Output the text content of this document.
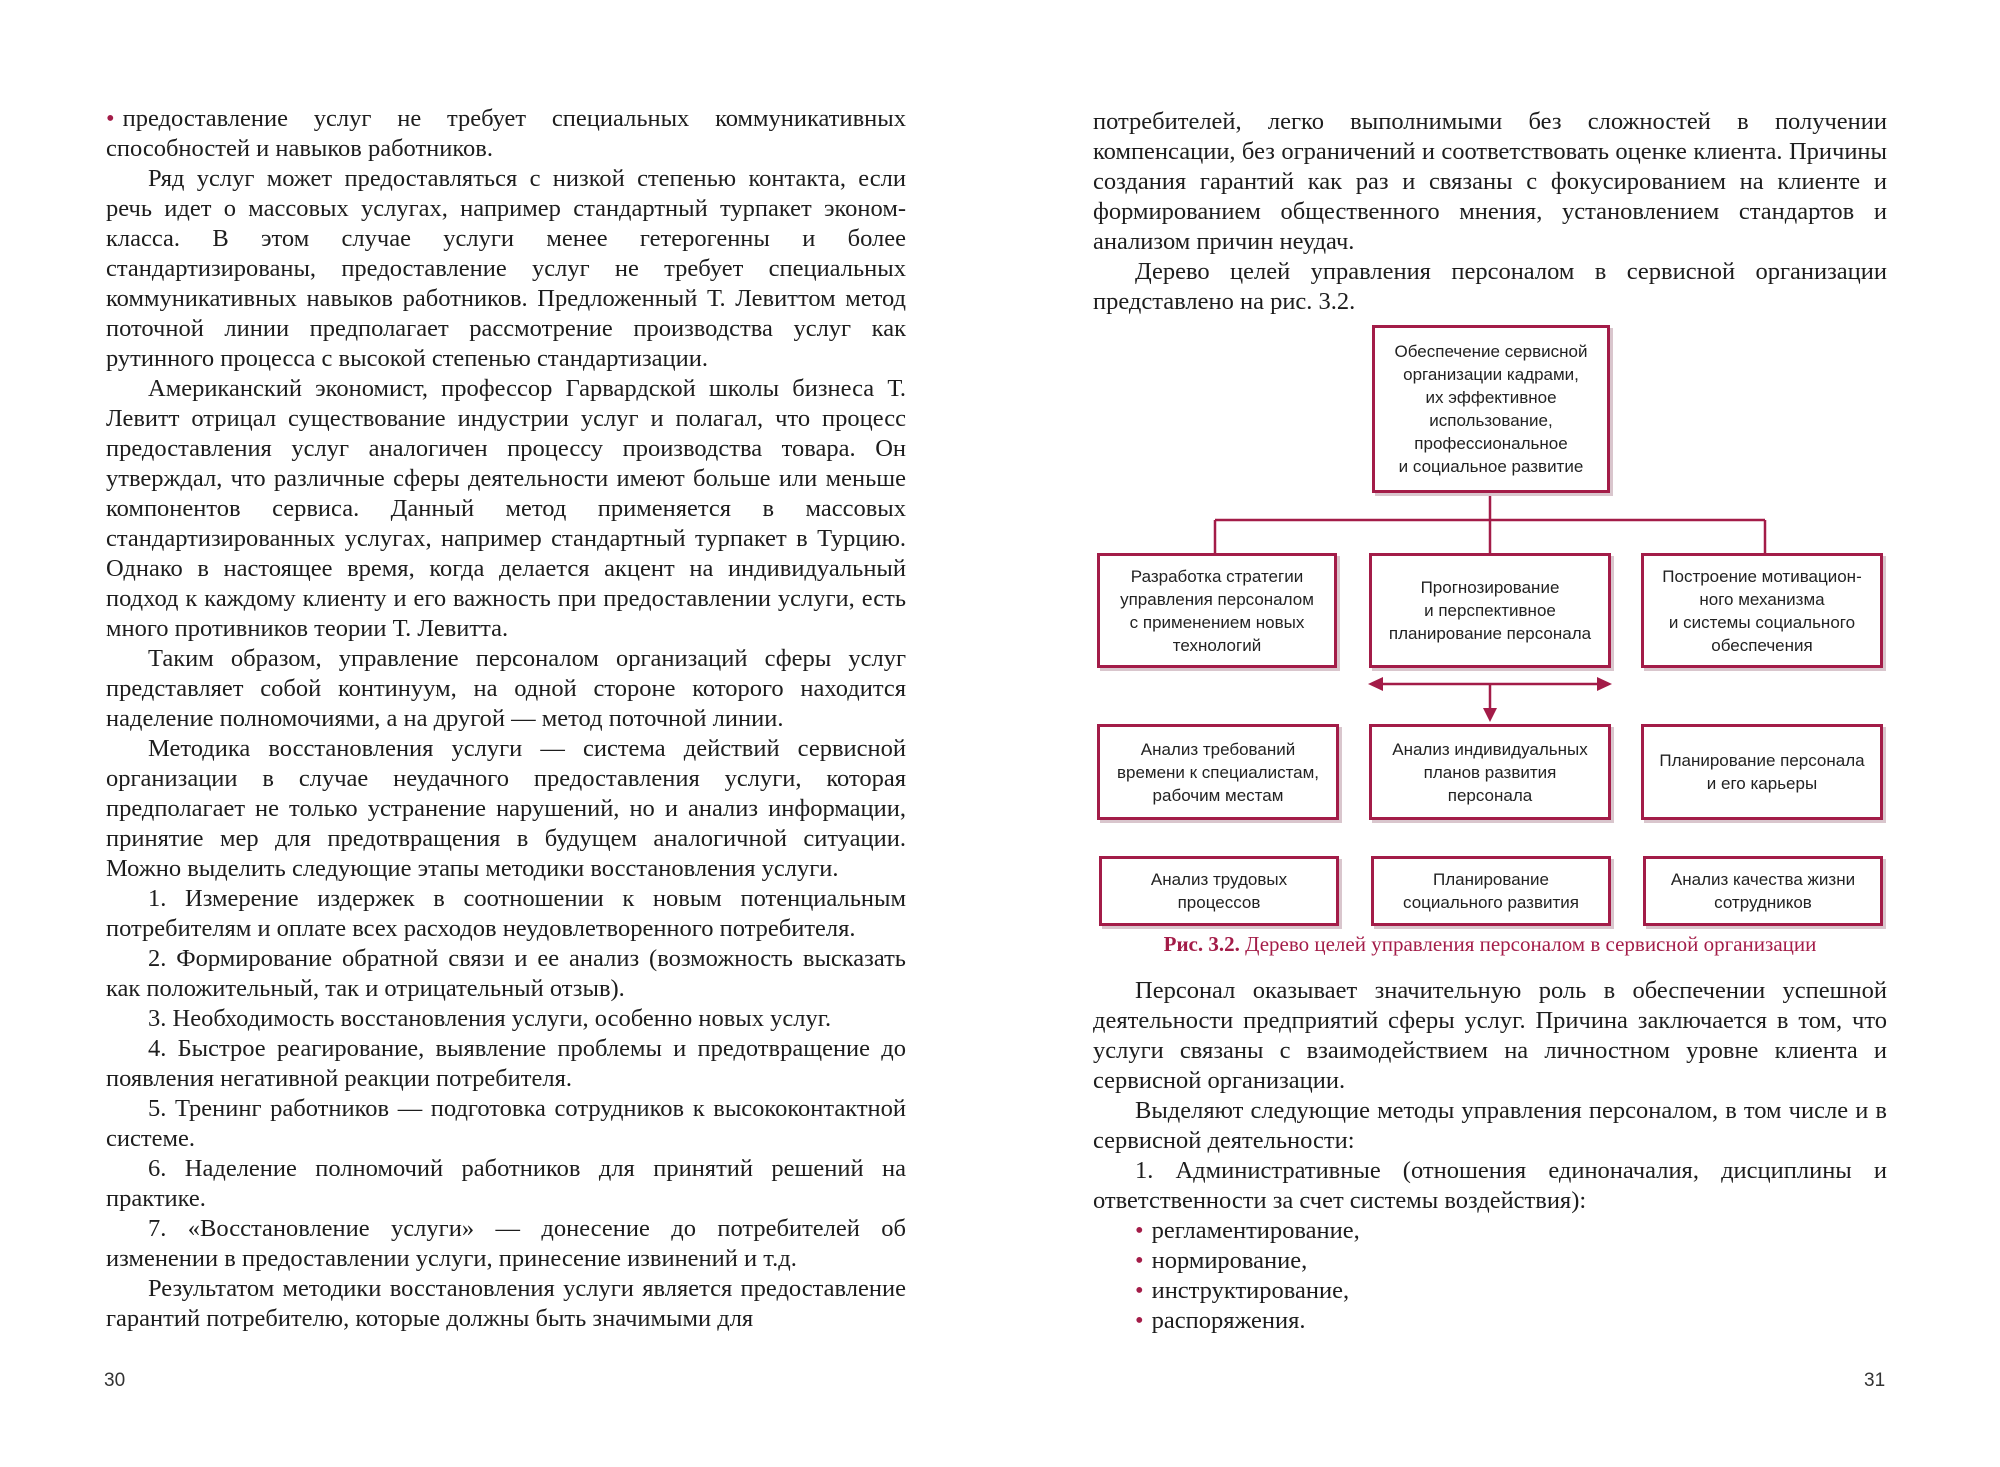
• предоставление услуг не требует специальных коммуникативных способностей и навыков работников.

Ряд услуг может предоставляться с низкой степенью контакта, если речь идет о массовых услугах, например стандартный турпакет эконом-класса. В этом случае услуги менее гетерогенны и более стандартизированы, предоставление услуг не требует специальных коммуникативных навыков работников. Предложенный Т. Левиттом метод поточной линии предполагает рассмотрение производства услуг как рутинного процесса с высокой степенью стандартизации.

Американский экономист, профессор Гарвардской школы бизнеса Т. Левитт отрицал существование индустрии услуг и полагал, что процесс предоставления услуг аналогичен процессу производства товара. Он утверждал, что различные сферы деятельности имеют больше или меньше компонентов сервиса. Данный метод применяется в массовых стандартизированных услугах, например стандартный турпакет в Турцию. Однако в настоящее время, когда делается акцент на индивидуальный подход к каждому клиенту и его важность при предоставлении услуги, есть много противников теории Т. Левитта.

Таким образом, управление персоналом организаций сферы услуг представляет собой континуум, на одной стороне которого находится наделение полномочиями, а на другой — метод поточной линии.

Методика восстановления услуги — система действий сервисной организации в случае неудачного предоставления услуги, которая предполагает не только устранение нарушений, но и анализ информации, принятие мер для предотвращения в будущем аналогичной ситуации. Можно выделить следующие этапы методики восстановления услуги.

1. Измерение издержек в соотношении к новым потенциальным потребителям и оплате всех расходов неудовлетворенного потребителя.

2. Формирование обратной связи и ее анализ (возможность высказать как положительный, так и отрицательный отзыв).

3. Необходимость восстановления услуги, особенно новых услуг.

4. Быстрое реагирование, выявление проблемы и предотвращение до появления негативной реакции потребителя.

5. Тренинг работников — подготовка сотрудников к высококонтактной системе.

6. Наделение полномочий работников для принятий решений на практике.

7. «Восстановление услуги» — донесение до потребителей об изменении в предоставлении услуги, принесение извинений и т.д.

Результатом методики восстановления услуги является предоставление гарантий потребителю, которые должны быть значимыми для

30

потребителей, легко выполнимыми без сложностей в получении компенсации, без ограничений и соответствовать оценке клиента. Причины создания гарантий как раз и связаны с фокусированием на клиенте и формированием общественного мнения, установлением стандартов и анализом причин неудач.

Дерево целей управления персоналом в сервисной организации представлено на рис. 3.2.

Обеспечение сервисной
организации кадрами,
их эффективное
использование,
профессиональное
и социальное развитие
Разработка стратегии
управления персоналом
с применением новых
технологий
Прогнозирование
и перспективное
планирование персонала
Построение мотивацион-
ного механизма
и системы социального
обеспечения
Анализ требований
времени к специалистам,
рабочим местам
Анализ индивидуальных
планов развития
персонала
Планирование персонала
и его карьеры
Анализ трудовых
процессов
Планирование
социального развития
Анализ качества жизни
сотрудников
Рис. 3.2. Дерево целей управления персоналом в сервисной организации

Персонал оказывает значительную роль в обеспечении успешной деятельности предприятий сферы услуг. Причина заключается в том, что услуги связаны с взаимодействием на личностном уровне клиента и сервисной организации.

Выделяют следующие методы управления персоналом, в том числе и в сервисной деятельности:

1. Административные (отношения единоначалия, дисциплины и ответственности за счет системы воздействия):

• регламентирование,
• нормирование,
• инструктирование,
• распоряжения.
31
